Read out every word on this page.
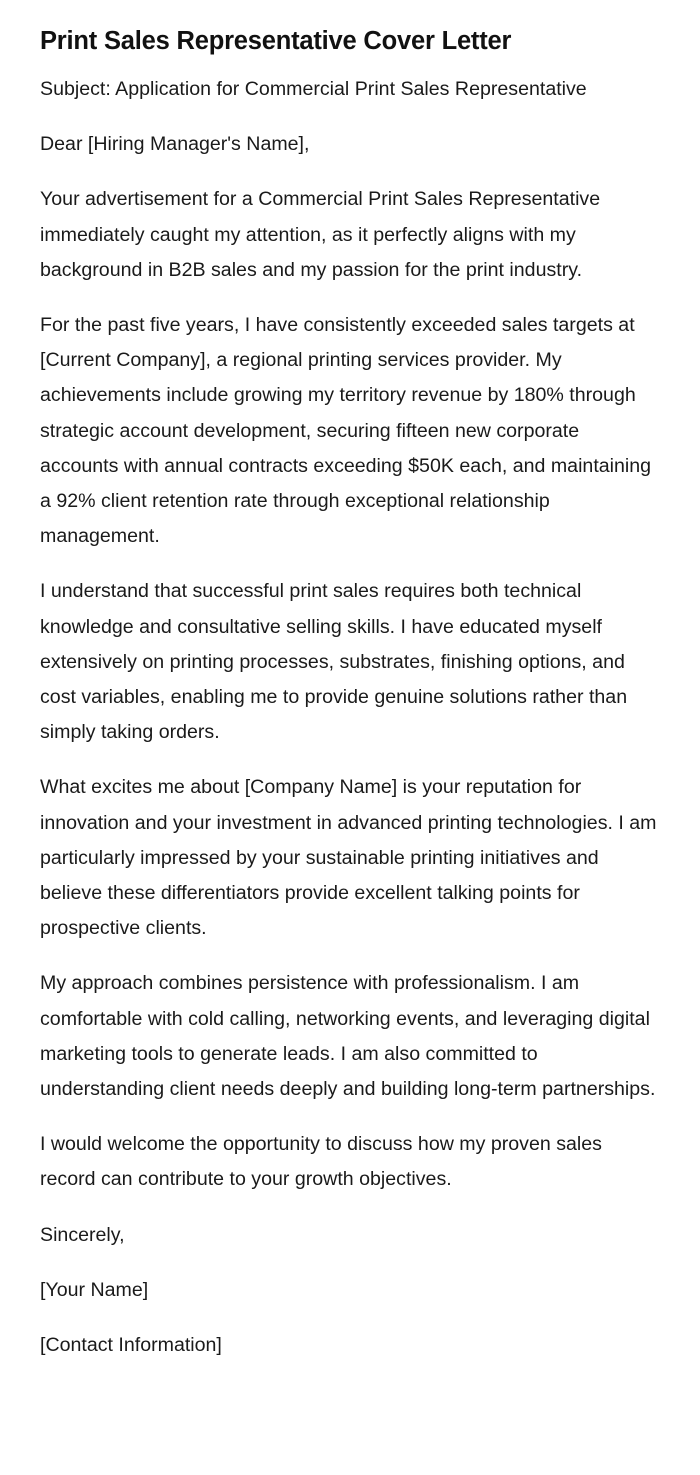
Print Sales Representative Cover Letter

Subject: Application for Commercial Print Sales Representative

Dear [Hiring Manager's Name],

Your advertisement for a Commercial Print Sales Representative immediately caught my attention, as it perfectly aligns with my background in B2B sales and my passion for the print industry.

For the past five years, I have consistently exceeded sales targets at [Current Company], a regional printing services provider. My achievements include growing my territory revenue by 180% through strategic account development, securing fifteen new corporate accounts with annual contracts exceeding $50K each, and maintaining a 92% client retention rate through exceptional relationship management.

I understand that successful print sales requires both technical knowledge and consultative selling skills. I have educated myself extensively on printing processes, substrates, finishing options, and cost variables, enabling me to provide genuine solutions rather than simply taking orders.

What excites me about [Company Name] is your reputation for innovation and your investment in advanced printing technologies. I am particularly impressed by your sustainable printing initiatives and believe these differentiators provide excellent talking points for prospective clients.

My approach combines persistence with professionalism. I am comfortable with cold calling, networking events, and leveraging digital marketing tools to generate leads. I am also committed to understanding client needs deeply and building long-term partnerships.

I would welcome the opportunity to discuss how my proven sales record can contribute to your growth objectives.

Sincerely,

[Your Name]

[Contact Information]
